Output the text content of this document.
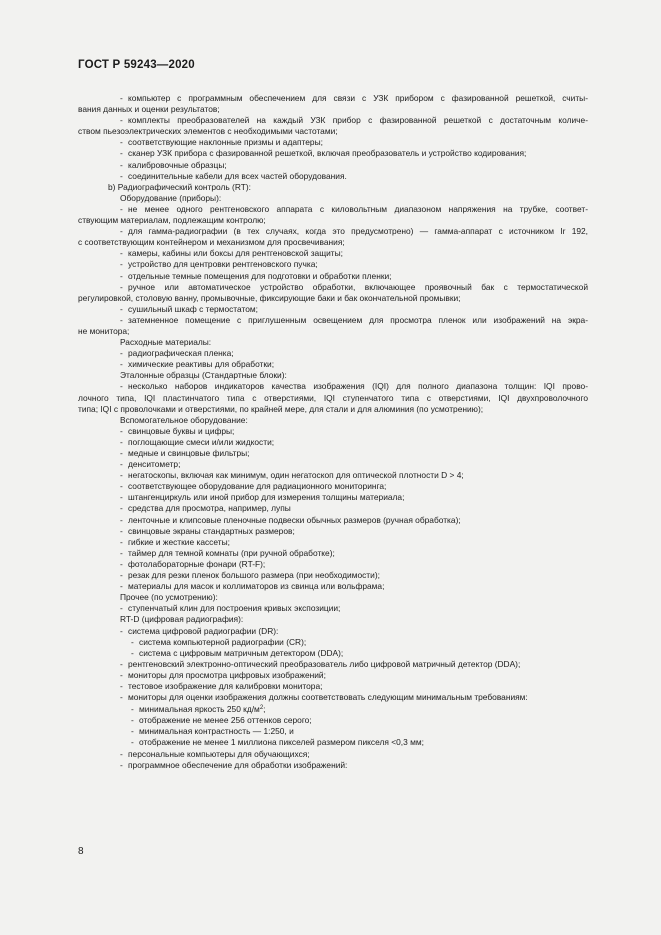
ГОСТ Р 59243—2020
- компьютер с программным обеспечением для связи с УЗК прибором с фазированной решеткой, считы-
вания данных и оценки результатов;
- комплекты преобразователей на каждый УЗК прибор с фазированной решеткой с достаточным количе-
ством пьезоэлектрических элементов с необходимыми частотами;
- соответствующие наклонные призмы и адаптеры;
- сканер УЗК прибора с фазированной решеткой, включая преобразователь и устройство кодирования;
- калибровочные образцы;
- соединительные кабели для всех частей оборудования.
b) Радиографический контроль (RT):
Оборудование (приборы):
- не менее одного рентгеновского аппарата с киловольтным диапазоном напряжения на трубке, соответ-
ствующим материалам, подлежащим контролю;
- для гамма-радиографии (в тех случаях, когда это предусмотрено) — гамма-аппарат с источником Ir 192,
с соответствующим контейнером и механизмом для просвечивания;
- камеры, кабины или боксы для рентгеновской защиты;
- устройство для центровки рентгеновского пучка;
- отдельные темные помещения для подготовки и обработки пленки;
- ручное или автоматическое устройство обработки, включающее проявочный бак с термостатической
регулировкой, столовую ванну, промывочные, фиксирующие баки и бак окончательной промывки;
- сушильный шкаф с термостатом;
- затемненное помещение с приглушенным освещением для просмотра пленок или изображений на экра-
не монитора;
Расходные материалы:
- радиографическая пленка;
- химические реактивы для обработки;
Эталонные образцы (Стандартные блоки):
- несколько наборов индикаторов качества изображения (IQI) для полного диапазона толщин: IQI прово-
лочного типа, IQI пластинчатого типа с отверстиями, IQI ступенчатого типа с отверстиями, IQI двухпроволочного
типа; IQI с проволочками и отверстиями, по крайней мере, для стали и для алюминия (по усмотрению);
Вспомогательное оборудование:
- свинцовые буквы и цифры;
- поглощающие смеси и/или жидкости;
- медные и свинцовые фильтры;
- денситометр;
- негатоскопы, включая как минимум, один негатоскоп для оптической плотности D > 4;
- соответствующее оборудование для радиационного мониторинга;
- штангенциркуль или иной прибор для измерения толщины материала;
- средства для просмотра, например, лупы
- ленточные и клипсовые пленочные подвески обычных размеров (ручная обработка);
- свинцовые экраны стандартных размеров;
- гибкие и жесткие кассеты;
- таймер для темной комнаты (при ручной обработке);
- фотолабораторные фонари (RT-F);
- резак для резки пленок большого размера (при необходимости);
- материалы для масок и коллиматоров из свинца или вольфрама;
Прочее (по усмотрению):
- ступенчатый клин для построения кривых экспозиции;
RT-D (цифровая радиография):
- система цифровой радиографии (DR):
- система компьютерной радиографии (CR);
- система с цифровым матричным детектором (DDA);
- рентгеновский электронно-оптический преобразователь либо цифровой матричный детектор (DDA);
- мониторы для просмотра цифровых изображений;
- тестовое изображение для калибровки монитора;
- мониторы для оценки изображения должны соответствовать следующим минимальным требованиям:
- минимальная яркость 250 $кд/м^2$;
- отображение не менее 256 оттенков серого;
- минимальная контрастность — 1:250, и
- отображение не менее 1 миллиона пикселей размером пикселя <0,3 мм;
- персональные компьютеры для обучающихся;
- программное обеспечение для обработки изображений:
8
